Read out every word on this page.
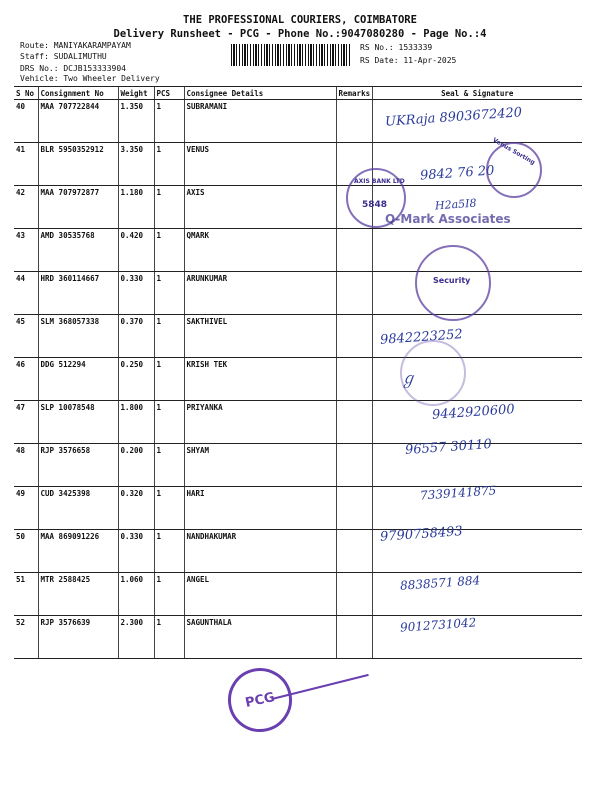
THE PROFESSIONAL COURIERS, COIMBATORE
Delivery Runsheet - PCG - Phone No.:9047080280 - Page No.:4
Route: MANIYAKARAMPAYAM
Staff: SUDALIMUTHU
DRS No.: DCJB153333904
Vehicle: Two Wheeler Delivery
RS No.: 1533339
RS Date: 11-Apr-2025
S No	Consignment No	Weight	PCS	Consignee Details	Remarks	Seal & Signature
40	MAA 707722844	1.350	1	SUBRAMANI		
41	BLR 5950352912	3.350	1	VENUS		
42	MAA 707972877	1.180	1	AXIS		
43	AMD 30535768	0.420	1	QMARK		
44	HRD 360114667	0.330	1	ARUNKUMAR		
45	SLM 368057338	0.370	1	SAKTHIVEL		
46	DDG 512294	0.250	1	KRISH TEK		
47	SLP 10078548	1.800	1	PRIYANKA		
48	RJP 3576658	0.200	1	SHYAM		
49	CUD 3425398	0.320	1	HARI		
50	MAA 869091226	0.330	1	NANDHAKUMAR		
51	MTR 2588425	1.060	1	ANGEL		
52	RJP 3576639	2.300	1	SAGUNTHALA		
UKRaja 8903672420
9842 76 20
AXIS BANK LTD
5848
Venus Sorting
H2a5I8
Q-Mark Associates
Security
9842223252
ℊ
9442920600
96557 30110
7339141875
9790758493
8838571 884
9012731042
PCG
